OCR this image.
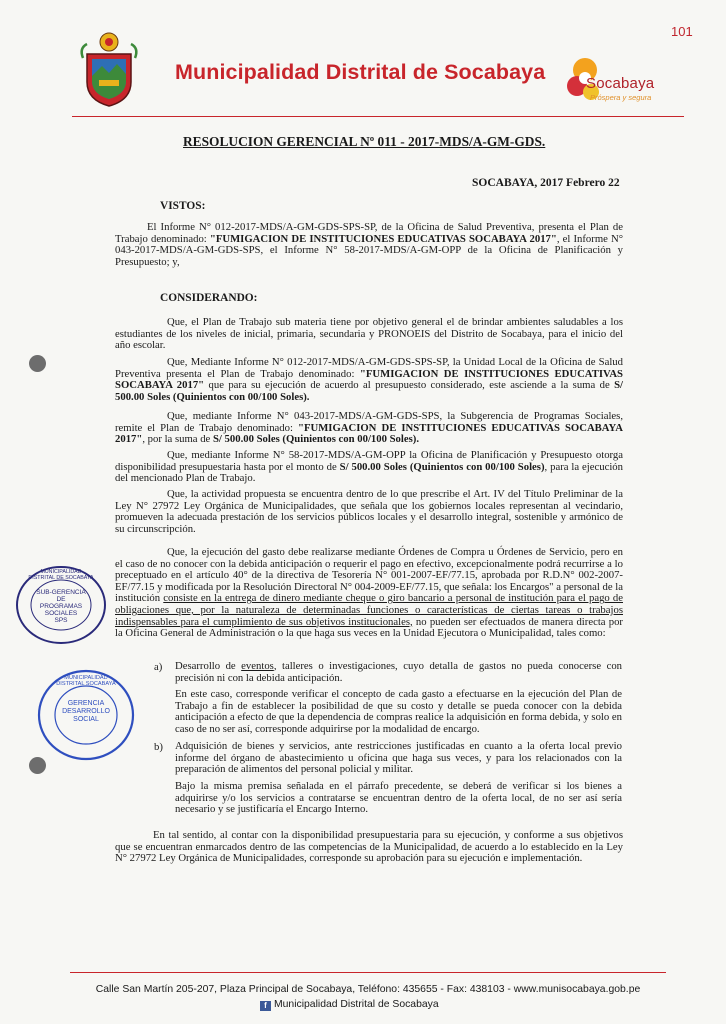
Municipalidad Distrital de Socabaya	Socabaya
Próspera y segura
101
RESOLUCION GERENCIAL Nº 011 - 2017-MDS/A-GM-GDS.
SOCABAYA, 2017 Febrero 22
VISTOS:
El Informe N° 012-2017-MDS/A-GM-GDS-SPS-SP, de la Oficina de Salud Preventiva, presenta el Plan de Trabajo denominado: "FUMIGACION DE INSTITUCIONES EDUCATIVAS SOCABAYA 2017", el Informe N° 043-2017-MDS/A-GM-GDS-SPS, el Informe N° 58-2017-MDS/A-GM-OPP de la Oficina de Planificación y Presupuesto; y,
CONSIDERANDO:
Que, el Plan de Trabajo sub materia tiene por objetivo general el de brindar ambientes saludables a los estudiantes de los niveles de inicial, primaria, secundaria y PRONOEIS del Distrito de Socabaya, para el inicio del año escolar.
Que, Mediante Informe N° 012-2017-MDS/A-GM-GDS-SPS-SP, la Unidad Local de la Oficina de Salud Preventiva presenta el Plan de Trabajo denominado: "FUMIGACION DE INSTITUCIONES EDUCATIVAS SOCABAYA 2017" que para su ejecución de acuerdo al presupuesto considerado, este asciende a la suma de S/ 500.00 Soles (Quinientos con 00/100 Soles).
Que, mediante Informe N° 043-2017-MDS/A-GM-GDS-SPS, la Subgerencia de Programas Sociales, remite el Plan de Trabajo denominado: "FUMIGACION DE INSTITUCIONES EDUCATIVAS SOCABAYA 2017", por la suma de S/ 500.00 Soles (Quinientos con 00/100 Soles).
Que, mediante Informe N° 58-2017-MDS/A-GM-OPP la Oficina de Planificación y Presupuesto otorga disponibilidad presupuestaria hasta por el monto de S/ 500.00 Soles (Quinientos con 00/100 Soles), para la ejecución del mencionado Plan de Trabajo.
Que, la actividad propuesta se encuentra dentro de lo que prescribe el Art. IV del Título Preliminar de la Ley N° 27972 Ley Orgánica de Municipalidades, que señala que los gobiernos locales representan al vecindario, promueven la adecuada prestación de los servicios públicos locales y el desarrollo integral, sostenible y armónico de su circunscripción.
Que, la ejecución del gasto debe realizarse mediante Órdenes de Compra u Órdenes de Servicio, pero en el caso de no conocer con la debida anticipación o requerir el pago en efectivo, excepcionalmente podrá recurrirse a lo preceptuado en el artículo 40° de la directiva de Tesorería N° 001-2007-EF/77.15, aprobada por R.D.N° 002-2007-EF/77.15 y modificada por la Resolución Directoral N° 004-2009-EF/77.15, que señala: los Encargos" a personal de la institución consiste en la entrega de dinero mediante cheque o giro bancario a personal de institución para el pago de obligaciones que, por la naturaleza de determinadas funciones o características de ciertas tareas o trabajos indispensables para el cumplimiento de sus objetivos institucionales, no pueden ser efectuados de manera directa por la Oficina General de Administración o la que haga sus veces en la Unidad Ejecutora o Municipalidad, tales como:
a) Desarrollo de eventos, talleres o investigaciones, cuyo detalla de gastos no pueda conocerse con precisión ni con la debida anticipación.
En este caso, corresponde verificar el concepto de cada gasto a efectuarse en la ejecución del Plan de Trabajo a fin de establecer la posibilidad de que su costo y detalle se pueda conocer con la debida anticipación a efecto de que la dependencia de compras realice la adquisición en forma debida, y solo en caso de no ser así, corresponde adquirirse por la modalidad de encargo.
b) Adquisición de bienes y servicios, ante restricciones justificadas en cuanto a la oferta local previo informe del órgano de abastecimiento u oficina que haga sus veces, y para los relacionados con la preparación de alimentos del personal policial y militar.
Bajo la misma premisa señalada en el párrafo precedente, se deberá de verificar si los bienes a adquirirse y/o los servicios a contratarse se encuentran dentro de la oferta local, de no ser así sería necesario y se justificaría el Encargo Interno.
En tal sentido, al contar con la disponibilidad presupuestaria para su ejecución, y conforme a sus objetivos que se encuentran enmarcados dentro de las competencias de la Municipalidad, de acuerdo a lo establecido en la Ley N° 27972 Ley Orgánica de Municipalidades, corresponde su aprobación para su ejecución e implementación.
MUNICIPALIDAD DISTRITAL DE SOCABAYA
SUB-GERENCIA
DE PROGRAMAS
SOCIALES
SPS
MUNICIPALIDAD DISTRITAL SOCABAYA
GERENCIA
DESARROLLO
SOCIAL
Calle San Martín 205-207, Plaza Principal de Socabaya, Teléfono: 435655 - Fax: 438103 - www.munisocabaya.gob.pe
f Municipalidad Distrital de Socabaya
